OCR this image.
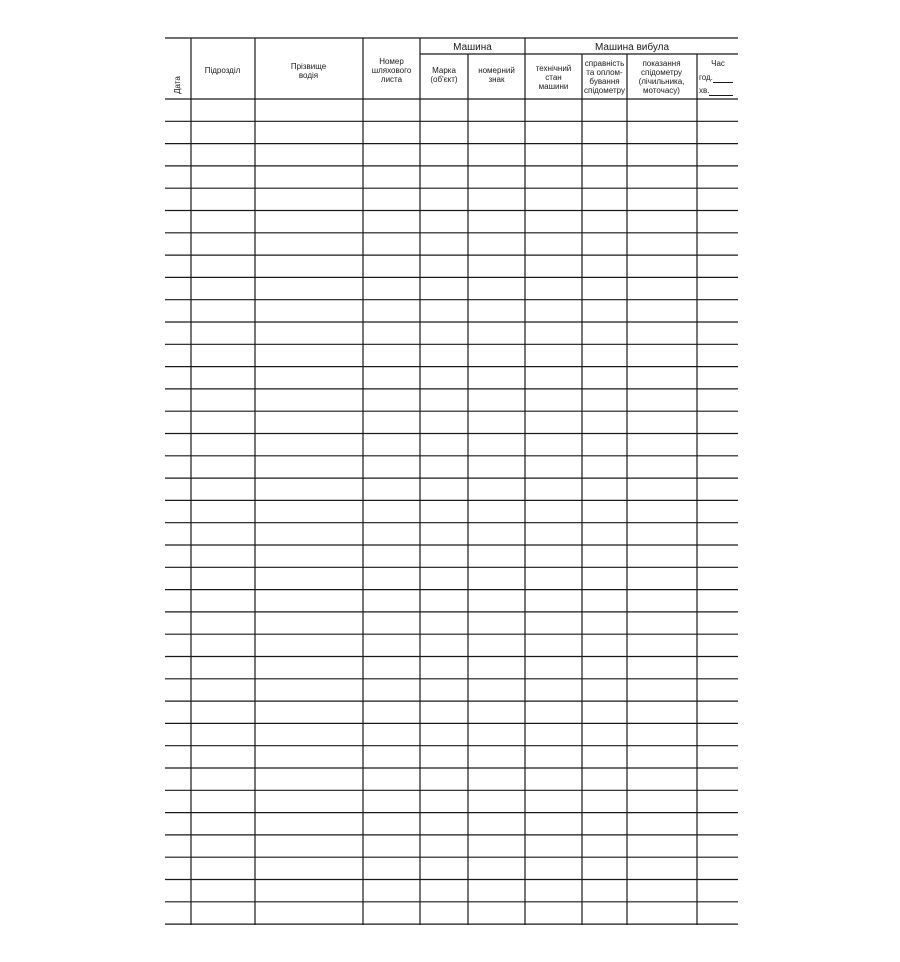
Дата
Підрозділ	Прізвище
водія
Номер
шляхового
листа
Машина
Марка
(об'єкт)
номерний
знак
Машина вибула
технічний
стан
машини
справність
та оплом-
бування
спідометру
показання
спідометру
(лічильника,
моточасу)
Час
год.
хв.
